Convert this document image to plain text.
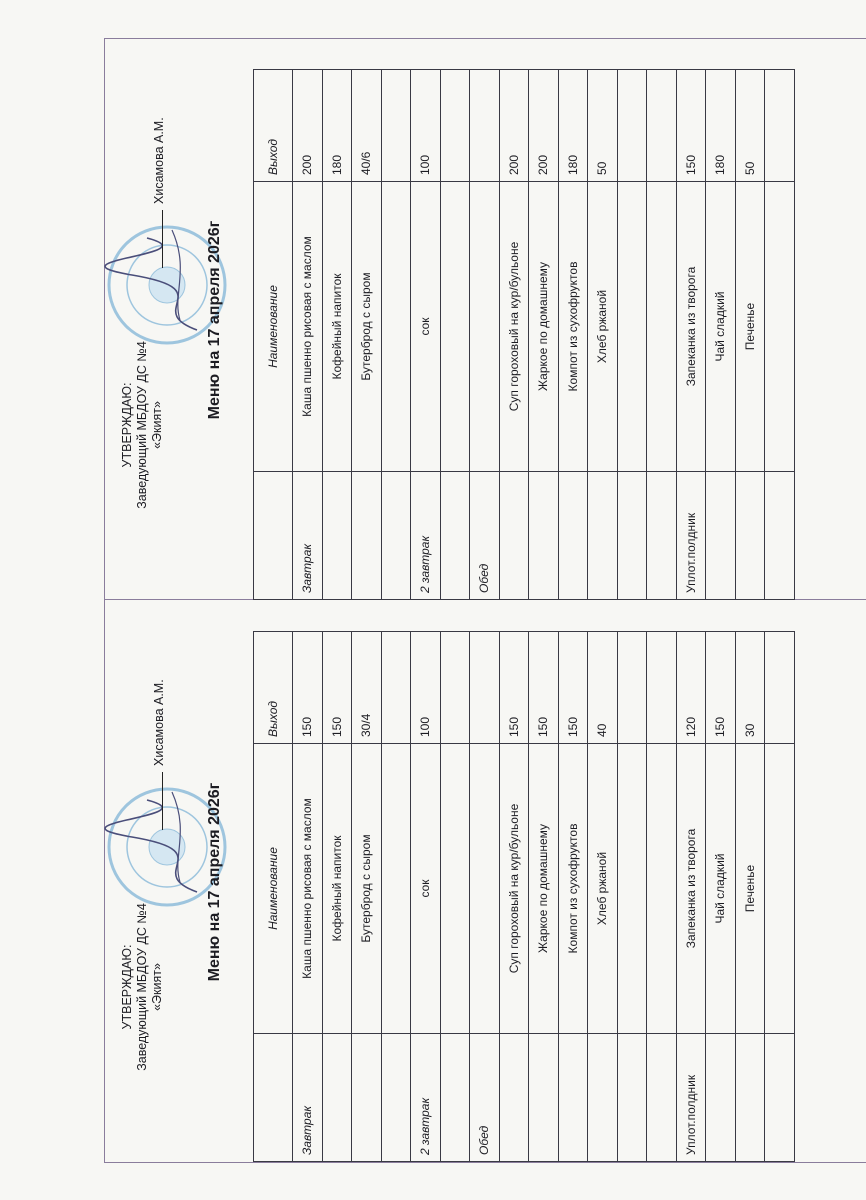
УТВЕРЖДАЮ: Заведующий МБДОУ ДС №4 «Экият»
Хисамова А.М.
Меню на 17 апреля 2026г
		Наименование	Выход
Завтрак	Каша пшенно рисовая с маслом	200
	Кофейный напиток	180
	Бутерброд с сыром	40/6

2 завтрак	сок	100

Обед		
	Суп гороховый на кур/бульоне	200
	Жаркое по домашнему	200
	Компот из сухофруктов	180
	Хлеб ржаной	50

Уплот.полдник	Запеканка из творога	150
	Чай сладкий	180
	Печенье	50

УТВЕРЖДАЮ: Заведующий МБДОУ ДС №4 «Экият»
Хисамова А.М.
Меню на 17 апреля 2026г
		Наименование	Выход
Завтрак	Каша пшенно рисовая с маслом	150
	Кофейный напиток	150
	Бутерброд с сыром	30/4

2 завтрак	сок	100

Обед		
	Суп гороховый на кур/бульоне	150
	Жаркое по домашнему	150
	Компот из сухофруктов	150
	Хлеб ржаной	40

Уплот.полдник	Запеканка из творога	120
	Чай сладкий	150
	Печенье	30
